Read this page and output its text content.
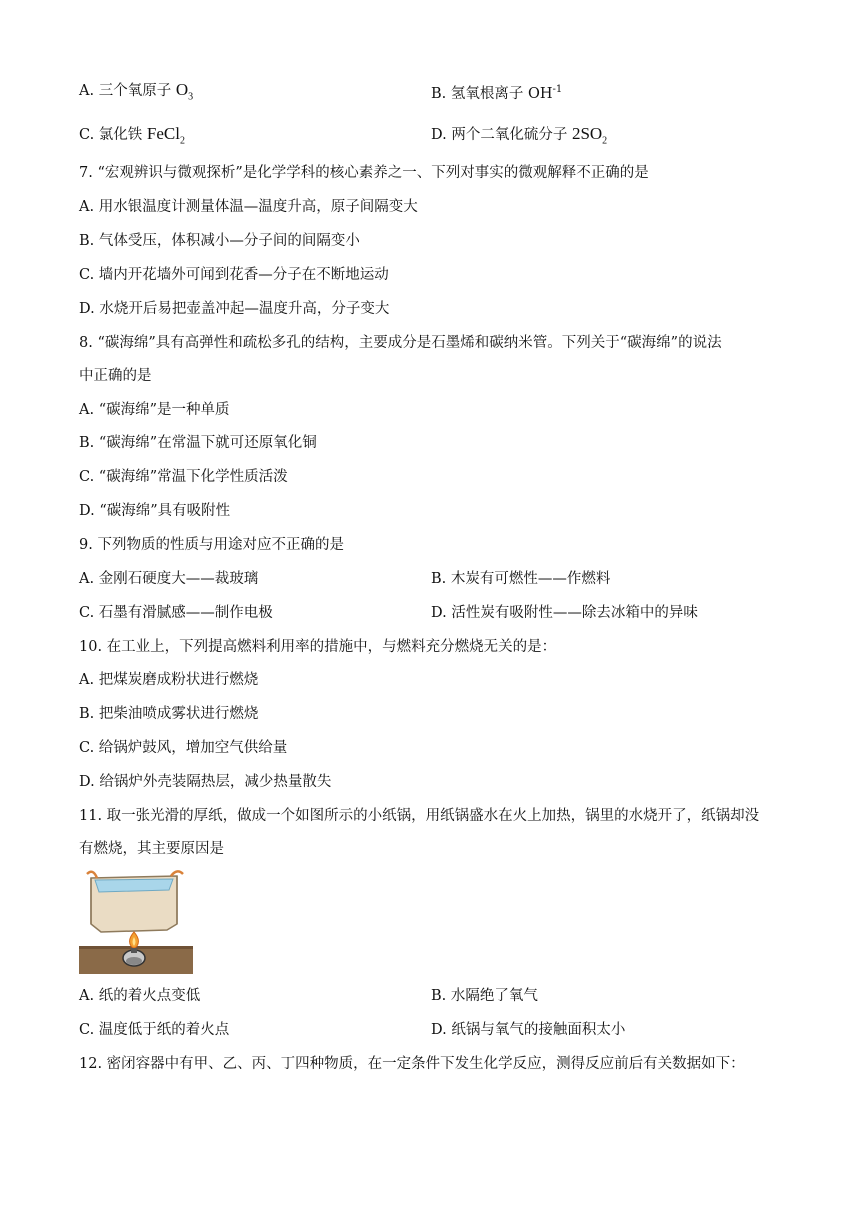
A. 三个氧原子 $O_3$	B. 氢氧根离子 $OH^{-1}$
C. 氯化铁 FeCl$_2$	D. 两个二氧化硫分子 $2SO_2$
7. “宏观辨识与微观探析”是化学学科的核心素养之一、下列对事实的微观解释不正确的是
A. 用水银温度计测量体温—温度升高，原子间隔变大
B. 气体受压，体积减小—分子间的间隔变小
C. 墙内开花墙外可闻到花香—分子在不断地运动
D. 水烧开后易把壶盖冲起—温度升高，分子变大
8. “碳海绵”具有高弹性和疏松多孔的结构，主要成分是石墨烯和碳纳米管。下列关于“碳海绵”的说法
中正确的是
A. “碳海绵”是一种单质
B. “碳海绵”在常温下就可还原氧化铜
C. “碳海绵”常温下化学性质活泼
D. “碳海绵”具有吸附性
9. 下列物质的性质与用途对应不正确的是
A. 金刚石硬度大——裁玻璃	B. 木炭有可燃性——作燃料
C. 石墨有滑腻感——制作电极	D. 活性炭有吸附性——除去冰箱中的异味
10. 在工业上，下列提高燃料利用率的措施中，与燃料充分燃烧无关的是：
A. 把煤炭磨成粉状进行燃烧
B. 把柴油喷成雾状进行燃烧
C. 给锅炉鼓风，增加空气供给量
D. 给锅炉外壳装隔热层，减少热量散失
11. 取一张光滑的厚纸，做成一个如图所示的小纸锅，用纸锅盛水在火上加热，锅里的水烧开了，纸锅却没
有燃烧，其主要原因是
A. 纸的着火点变低	B. 水隔绝了氧气
C. 温度低于纸的着火点	D. 纸锅与氧气的接触面积太小
12. 密闭容器中有甲、乙、丙、丁四种物质，在一定条件下发生化学反应，测得反应前后有关数据如下：
